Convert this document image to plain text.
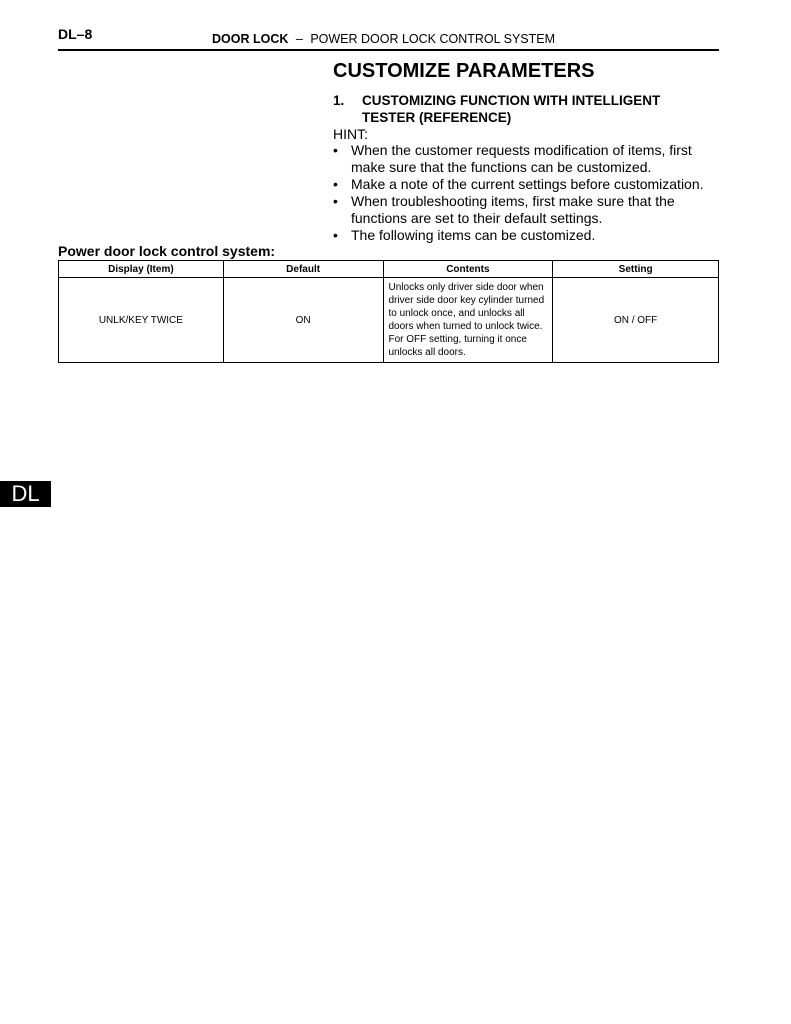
DL–8	DOOR LOCK – POWER DOOR LOCK CONTROL SYSTEM
CUSTOMIZE PARAMETERS
1. CUSTOMIZING FUNCTION WITH INTELLIGENT TESTER (REFERENCE)
HINT:
• When the customer requests modification of items, first make sure that the functions can be customized.
• Make a note of the current settings before customization.
• When troubleshooting items, first make sure that the functions are set to their default settings.
• The following items can be customized.
Power door lock control system:
Display (Item)	Default	Contents	Setting
UNLK/KEY TWICE	ON	Unlocks only driver side door when driver side door key cylinder turned to unlock once, and unlocks all doors when turned to unlock twice. For OFF setting, turning it once unlocks all doors.	ON / OFF
DL
